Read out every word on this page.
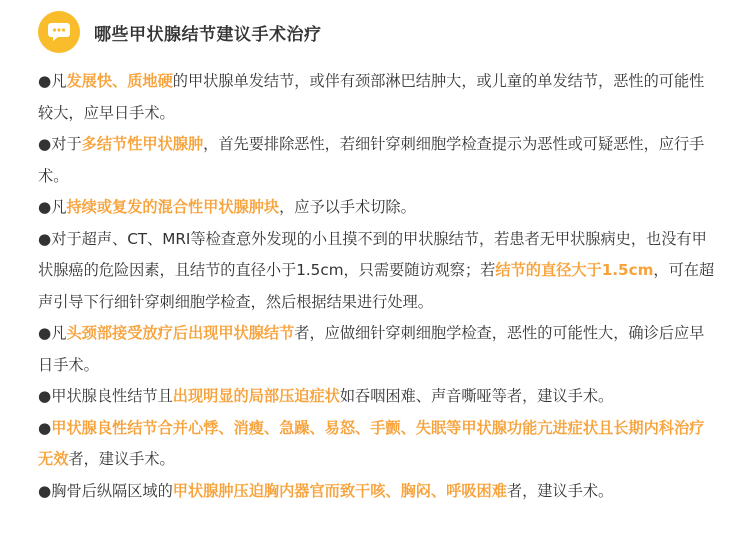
哪些甲状腺结节建议手术治疗

●凡发展快、质地硬的甲状腺单发结节，或伴有颈部淋巴结肿大，或儿童的单发结节，恶性的可能性较大，应早日手术。

●对于多结节性甲状腺肿，首先要排除恶性，若细针穿刺细胞学检查提示为恶性或可疑恶性，应行手术。

●凡持续或复发的混合性甲状腺肿块，应予以手术切除。

●对于超声、CT、MRI等检查意外发现的小且摸不到的甲状腺结节，若患者无甲状腺病史，也没有甲状腺癌的危险因素，且结节的直径小于1.5cm，只需要随访观察；若结节的直径大于1.5cm，可在超声引导下行细针穿刺细胞学检查，然后根据结果进行处理。

●凡头颈部接受放疗后出现甲状腺结节者，应做细针穿刺细胞学检查，恶性的可能性大，确诊后应早日手术。

●甲状腺良性结节且出现明显的局部压迫症状如吞咽困难、声音嘶哑等者，建议手术。

●甲状腺良性结节合并心悸、消瘦、急躁、易怒、手颤、失眠等甲状腺功能亢进症状且长期内科治疗无效者，建议手术。

●胸骨后纵隔区域的甲状腺肿压迫胸内器官而致干咳、胸闷、呼吸困难者，建议手术。
